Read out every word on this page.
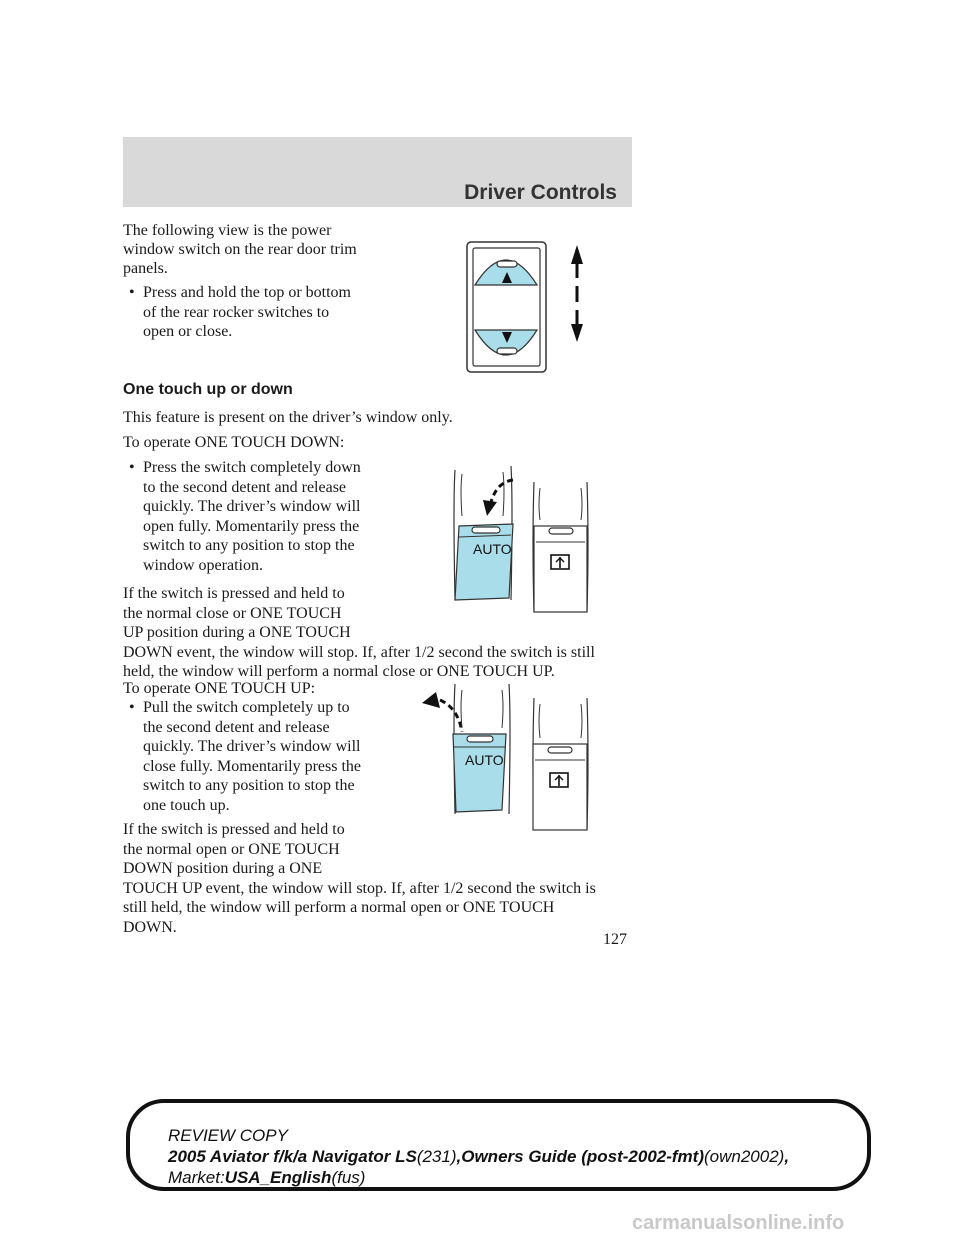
Driver Controls
The following view is the power
window switch on the rear door trim
panels.
• Press and hold the top or bottom
of the rear rocker switches to
open or close.
One touch up or down
This feature is present on the driver’s window only.
To operate ONE TOUCH DOWN:
• Press the switch completely down
to the second detent and release
quickly. The driver’s window will
open fully. Momentarily press the
switch to any position to stop the
window operation.
If the switch is pressed and held to
the normal close or ONE TOUCH
UP position during a ONE TOUCH
DOWN event, the window will stop. If, after 1/2 second the switch is still
held, the window will perform a normal close or ONE TOUCH UP.
AUTO
To operate ONE TOUCH UP:
• Pull the switch completely up to
the second detent and release
quickly. The driver’s window will
close fully. Momentarily press the
switch to any position to stop the
one touch up.
If the switch is pressed and held to
the normal open or ONE TOUCH
DOWN position during a ONE
TOUCH UP event, the window will stop. If, after 1/2 second the switch is
still held, the window will perform a normal open or ONE TOUCH
DOWN.
AUTO
127
REVIEW COPY
2005 Aviator f/k/a Navigator LS(231),Owners Guide (post-2002-fmt)(own2002),
Market:USA_English(fus)
carmanualsonline.info
